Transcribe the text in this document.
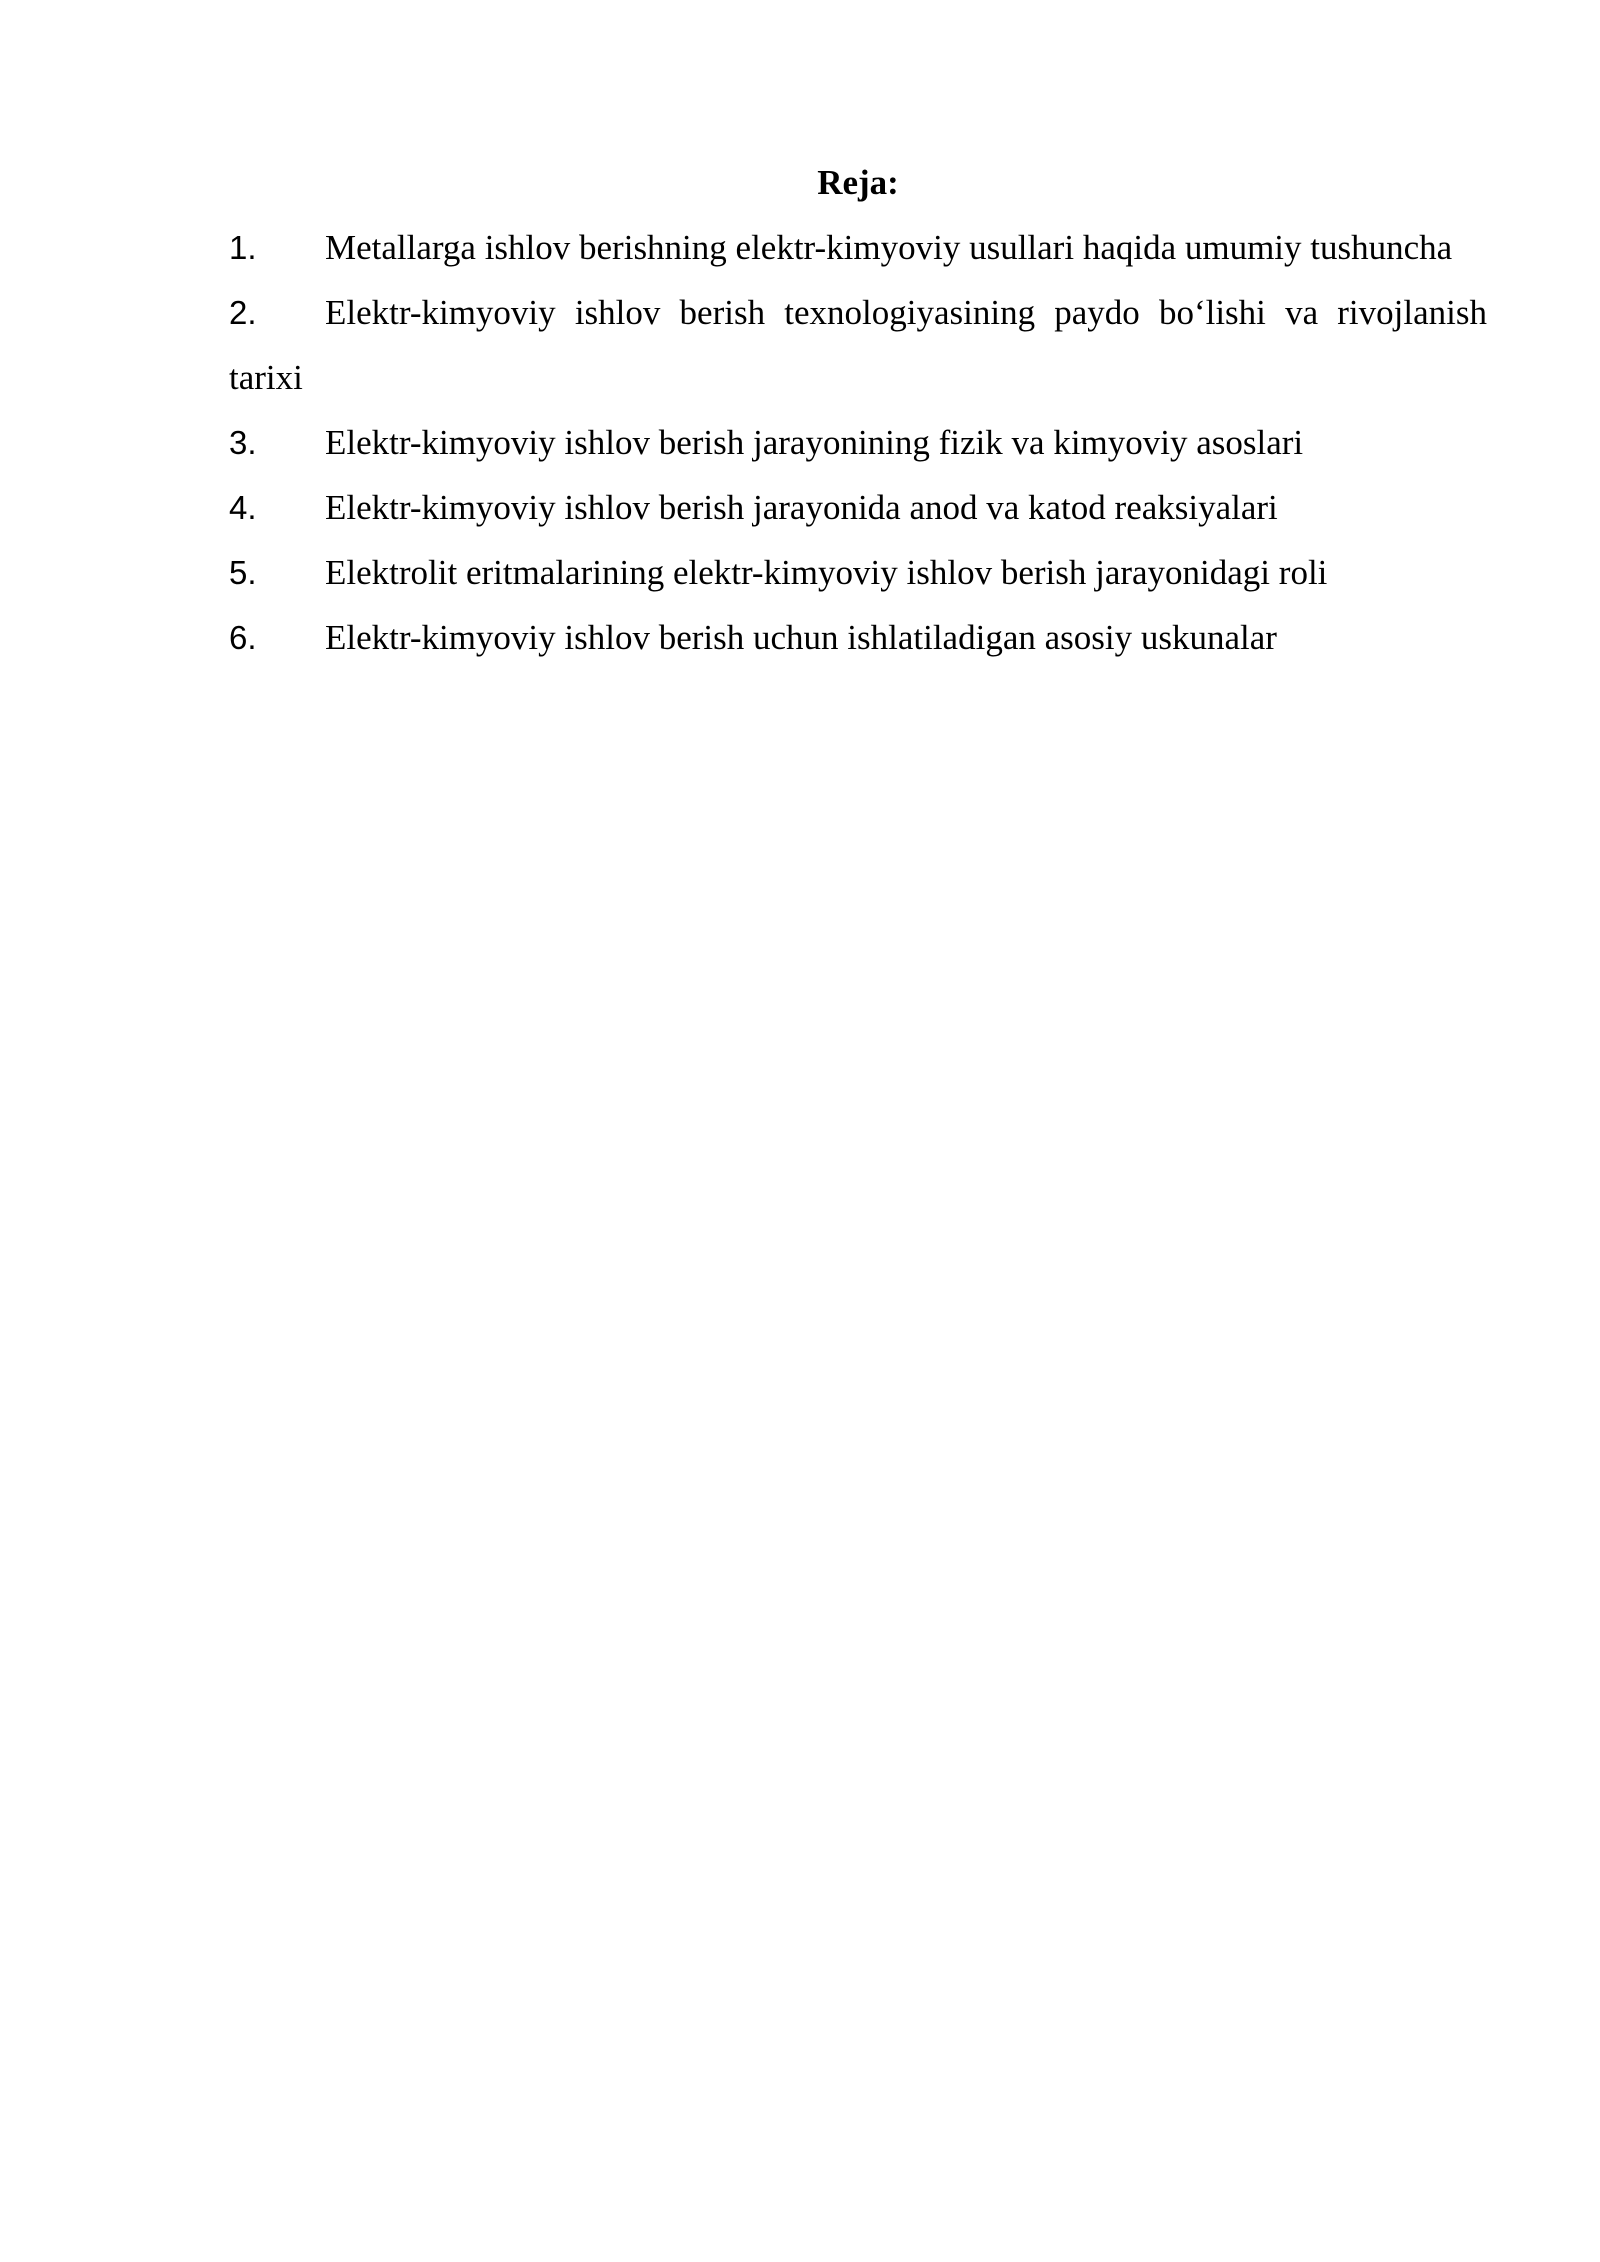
Reja:

1. Metallarga ishlov berishning elektr-kimyoviy usullari haqida umumiy tushuncha
2. Elektr-kimyoviy ishlov berish texnologiyasining paydo bo‘lishi va rivojlanish tarixi
3. Elektr-kimyoviy ishlov berish jarayonining fizik va kimyoviy asoslari
4. Elektr-kimyoviy ishlov berish jarayonida anod va katod reaksiyalari
5. Elektrolit eritmalarining elektr-kimyoviy ishlov berish jarayonidagi roli
6. Elektr-kimyoviy ishlov berish uchun ishlatiladigan asosiy uskunalar
